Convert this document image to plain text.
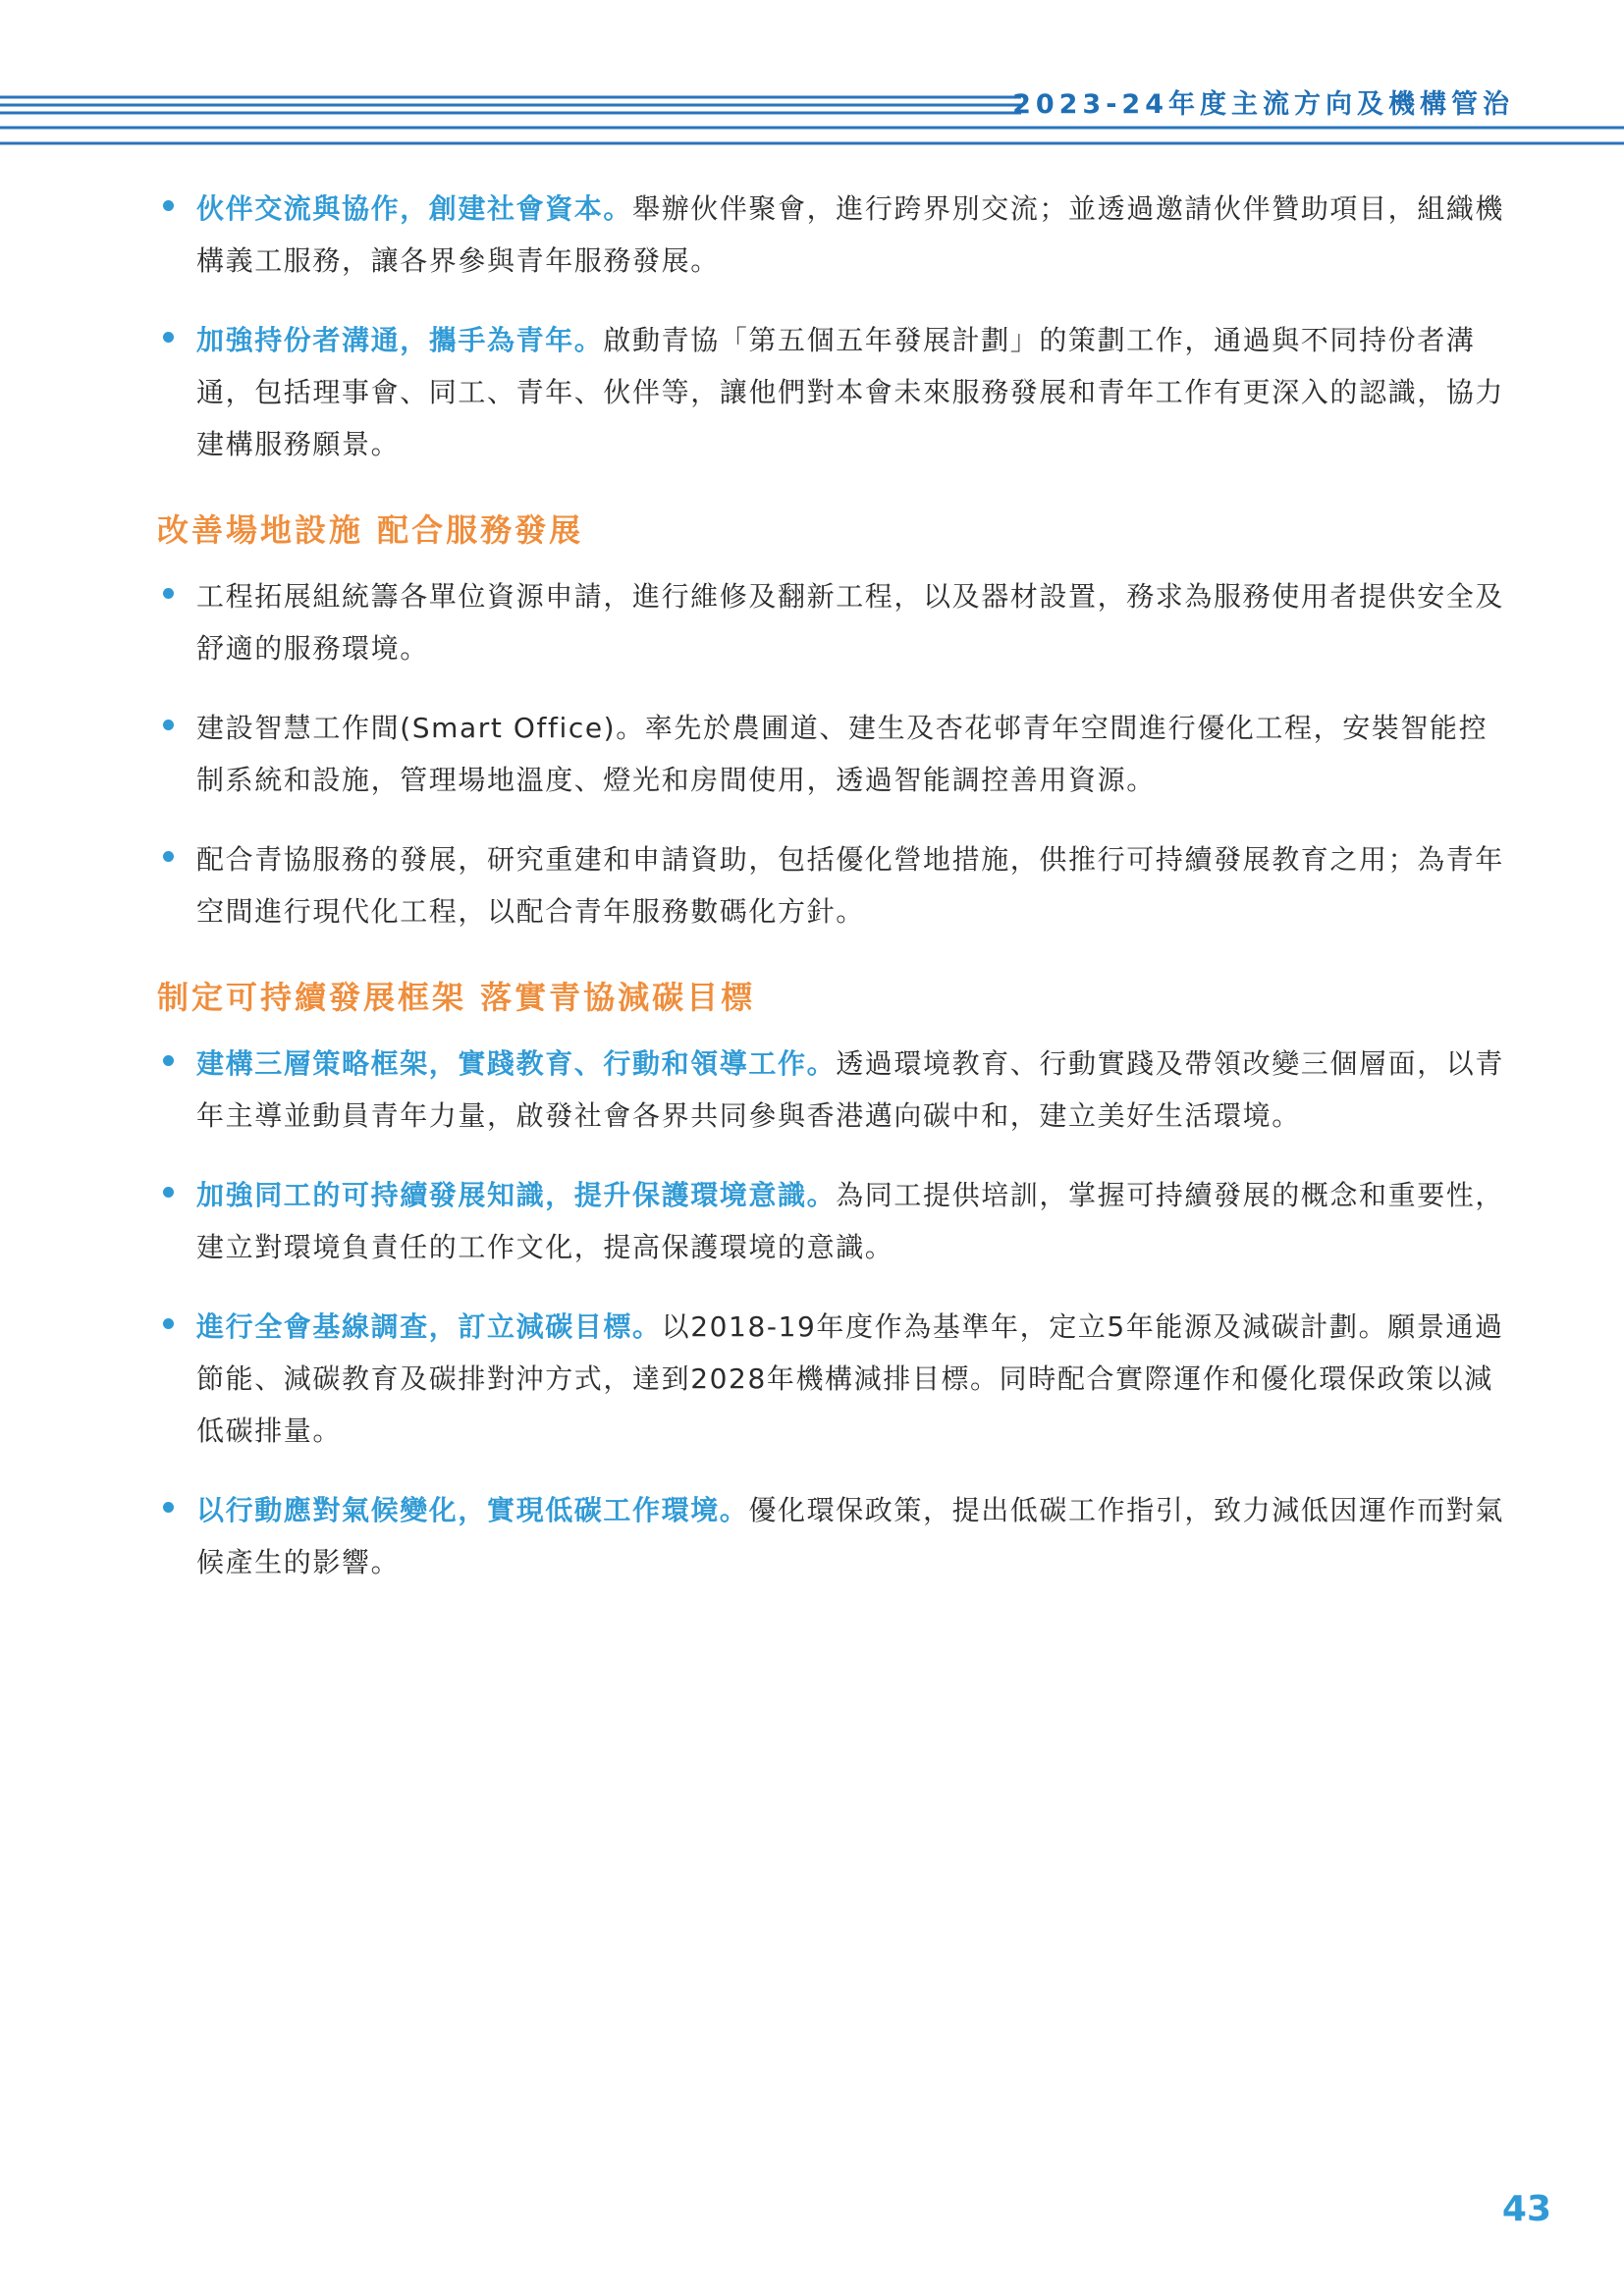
2023-24年度主流方向及機構管治
伙伴交流與協作，創建社會資本。舉辦伙伴聚會，進行跨界別交流；並透過邀請伙伴贊助項目，組織機構義工服務，讓各界參與青年服務發展。
加強持份者溝通，攜手為青年。啟動青協「第五個五年發展計劃」的策劃工作，通過與不同持份者溝通，包括理事會、同工、青年、伙伴等，讓他們對本會未來服務發展和青年工作有更深入的認識，協力建構服務願景。
改善場地設施 配合服務發展
工程拓展組統籌各單位資源申請，進行維修及翻新工程，以及器材設置，務求為服務使用者提供安全及舒適的服務環境。
建設智慧工作間(Smart Office)。率先於農圃道、建生及杏花邨青年空間進行優化工程，安裝智能控制系統和設施，管理場地溫度、燈光和房間使用，透過智能調控善用資源。
配合青協服務的發展，研究重建和申請資助，包括優化營地措施，供推行可持續發展教育之用；為青年空間進行現代化工程，以配合青年服務數碼化方針。
制定可持續發展框架 落實青協減碳目標
建構三層策略框架，實踐教育、行動和領導工作。透過環境教育、行動實踐及帶領改變三個層面，以青年主導並動員青年力量，啟發社會各界共同參與香港邁向碳中和，建立美好生活環境。
加強同工的可持續發展知識，提升保護環境意識。為同工提供培訓，掌握可持續發展的概念和重要性，建立對環境負責任的工作文化，提高保護環境的意識。
進行全會基線調查，訂立減碳目標。以2018-19年度作為基準年，定立5年能源及減碳計劃。願景通過節能、減碳教育及碳排對沖方式，達到2028年機構減排目標。同時配合實際運作和優化環保政策以減低碳排量。
以行動應對氣候變化，實現低碳工作環境。優化環保政策，提出低碳工作指引，致力減低因運作而對氣候產生的影響。
43
